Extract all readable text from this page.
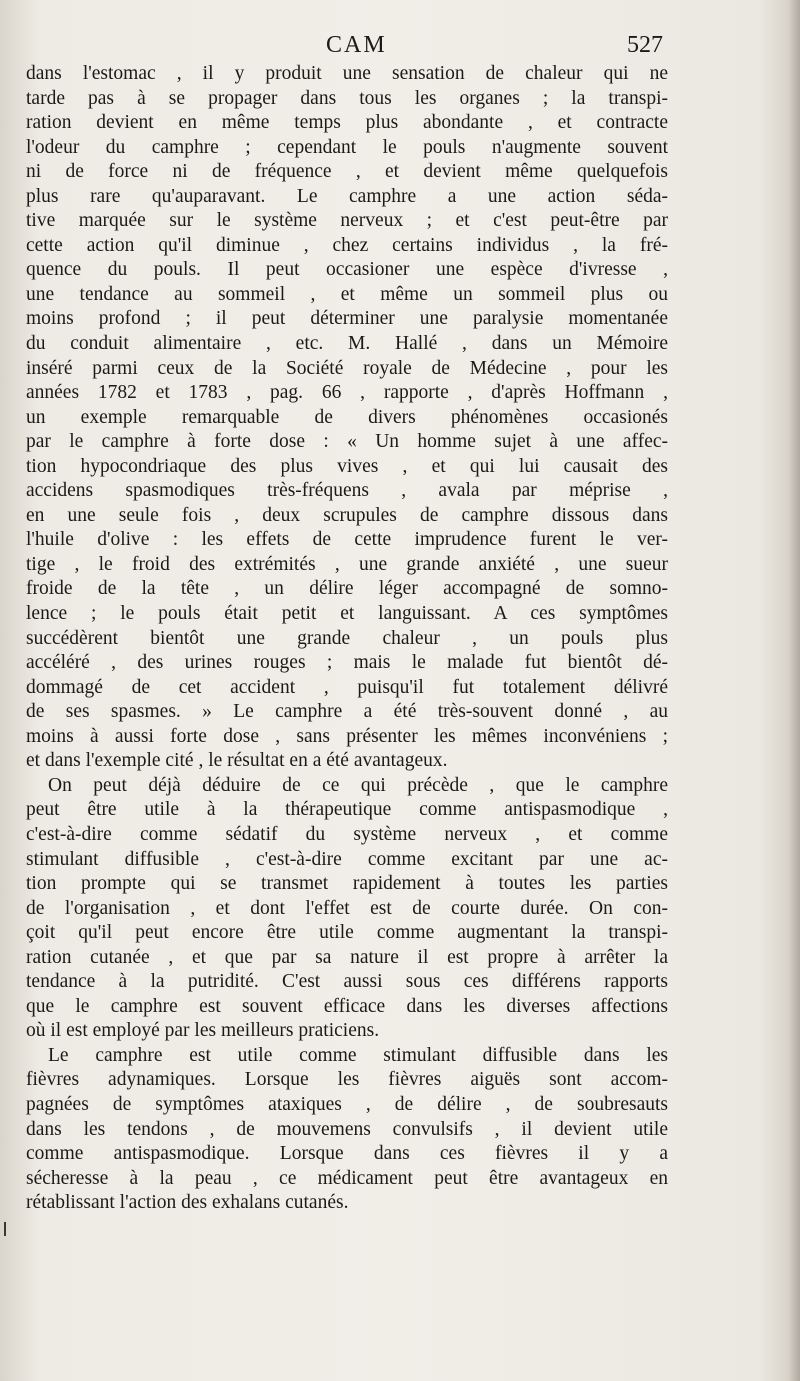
CAM	527
dans l'estomac , il y produit une sensation de chaleur qui ne
tarde pas à se propager dans tous les organes ; la transpi-
ration devient en même temps plus abondante , et contracte
l'odeur du camphre ; cependant le pouls n'augmente souvent
ni de force ni de fréquence , et devient même quelquefois
plus rare qu'auparavant. Le camphre a une action séda-
tive marquée sur le système nerveux ; et c'est peut-être par
cette action qu'il diminue , chez certains individus , la fré-
quence du pouls. Il peut occasioner une espèce d'ivresse ,
une tendance au sommeil , et même un sommeil plus ou
moins profond ; il peut déterminer une paralysie momentanée
du conduit alimentaire , etc. M. Hallé , dans un Mémoire
inséré parmi ceux de la Société royale de Médecine , pour les
années 1782 et 1783 , pag. 66 , rapporte , d'après Hoffmann ,
un exemple remarquable de divers phénomènes occasionés
par le camphre à forte dose : « Un homme sujet à une affec-
tion hypocondriaque des plus vives , et qui lui causait des
accidens spasmodiques très-fréquens , avala par méprise ,
en une seule fois , deux scrupules de camphre dissous dans
l'huile d'olive : les effets de cette imprudence furent le ver-
tige , le froid des extrémités , une grande anxiété , une sueur
froide de la tête , un délire léger accompagné de somno-
lence ; le pouls était petit et languissant. A ces symptômes
succédèrent bientôt une grande chaleur , un pouls plus
accéléré , des urines rouges ; mais le malade fut bientôt dé-
dommagé de cet accident , puisqu'il fut totalement délivré
de ses spasmes. » Le camphre a été très-souvent donné , au
moins à aussi forte dose , sans présenter les mêmes inconvéniens ;
et dans l'exemple cité , le résultat en a été avantageux.
On peut déjà déduire de ce qui précède , que le camphre
peut être utile à la thérapeutique comme antispasmodique ,
c'est-à-dire comme sédatif du système nerveux , et comme
stimulant diffusible , c'est-à-dire comme excitant par une ac-
tion prompte qui se transmet rapidement à toutes les parties
de l'organisation , et dont l'effet est de courte durée. On con-
çoit qu'il peut encore être utile comme augmentant la transpi-
ration cutanée , et que par sa nature il est propre à arrêter la
tendance à la putridité. C'est aussi sous ces différens rapports
que le camphre est souvent efficace dans les diverses affections
où il est employé par les meilleurs praticiens.
Le camphre est utile comme stimulant diffusible dans les
fièvres adynamiques. Lorsque les fièvres aiguës sont accom-
pagnées de symptômes ataxiques , de délire , de soubresauts
dans les tendons , de mouvemens convulsifs , il devient utile
comme antispasmodique. Lorsque dans ces fièvres il y a
sécheresse à la peau , ce médicament peut être avantageux en
rétablissant l'action des exhalans cutanés.
